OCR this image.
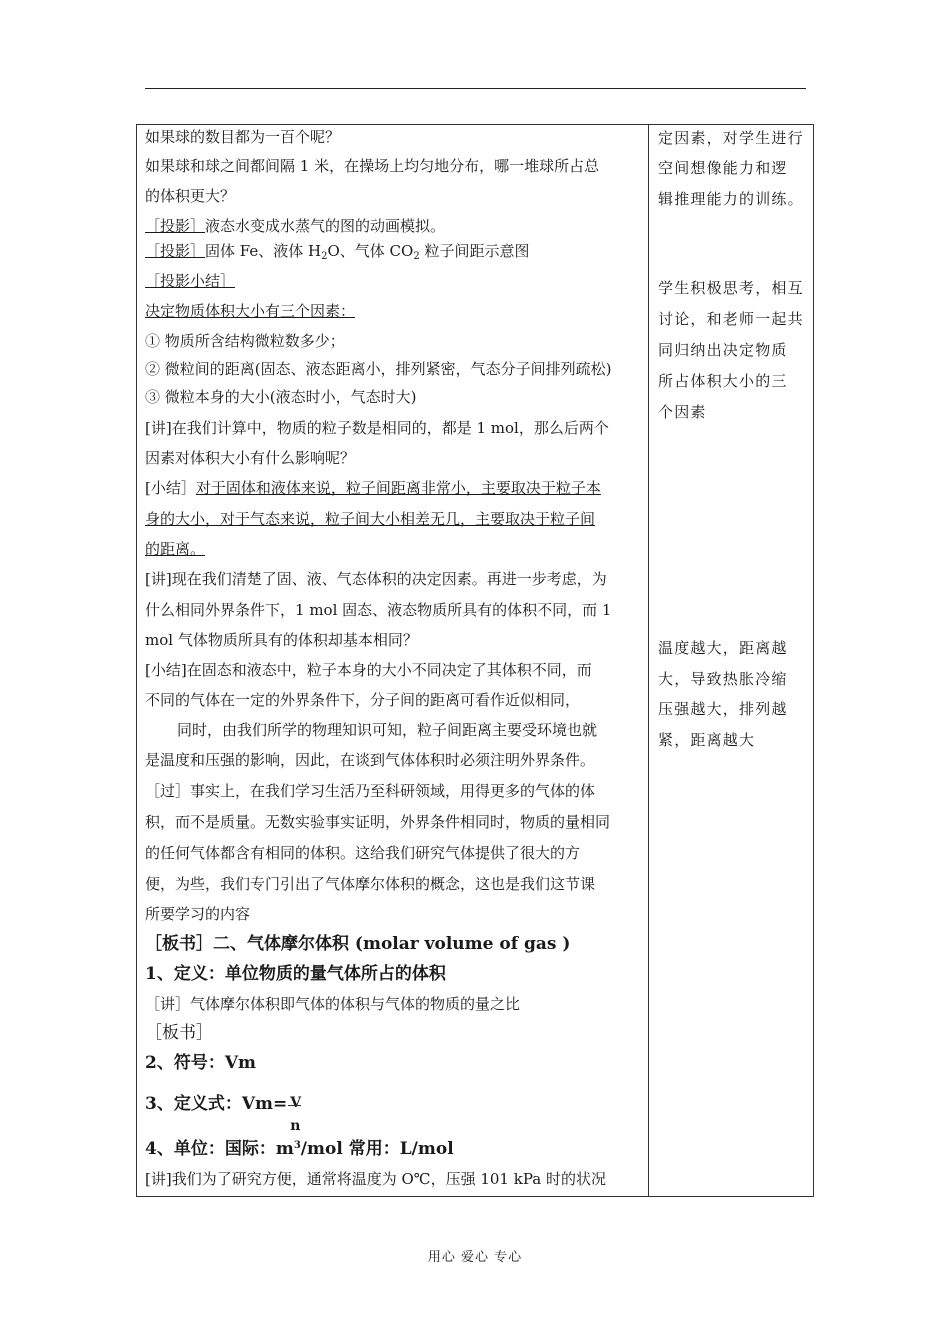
如果球的数目都为一百个呢？
如果球和球之间都间隔 1 米，在操场上均匀地分布，哪一堆球所占总
的体积更大？
［投影］液态水变成水蒸气的图的动画模拟。
［投影］固体 Fe、液体 $H_2O$、气体 $CO_2$ 粒子间距示意图
［投影小结］
决定物质体积大小有三个因素：
① 物质所含结构微粒数多少；
② 微粒间的距离(固态、液态距离小，排列紧密，气态分子间排列疏松)
③ 微粒本身的大小(液态时小，气态时大)
[讲]在我们计算中，物质的粒子数是相同的，都是 1 mol，那么后两个
因素对体积大小有什么影响呢？
[小结］对于固体和液体来说，粒子间距离非常小，主要取决于粒子本
身的大小，对于气态来说，粒子间大小相差无几，主要取决于粒子间
的距离。
[讲]现在我们清楚了固、液、气态体积的决定因素。再进一步考虑，为
什么相同外界条件下，1 mol 固态、液态物质所具有的体积不同，而 1
mol 气体物质所具有的体积却基本相同？
[小结]在固态和液态中，粒子本身的大小不同决定了其体积不同，而
不同的气体在一定的外界条件下，分子间的距离可看作近似相同，
同时，由我们所学的物理知识可知，粒子间距离主要受环境也就
是温度和压强的影响，因此，在谈到气体体积时必须注明外界条件。
［过］事实上，在我们学习生活乃至科研领域，用得更多的气体的体
积，而不是质量。无数实验事实证明，外界条件相同时，物质的量相同
的任何气体都含有相同的体积。这给我们研究气体提供了很大的方
便，为些，我们专门引出了气体摩尔体积的概念，这也是我们这节课
所要学习的内容
［板书］二、气体摩尔体积 (molar volume of gas )
1、定义：单位物质的量气体所占的体积
［讲］气体摩尔体积即气体的体积与气体的物质的量之比
［板书］
2、符号：Vm
3、定义式：Vm= V
n
4、单位：国际：$m^3$/mol 常用：L/mol
[讲]我们为了研究方便，通常将温度为 O℃，压强 101 kPa 时的状况
定因素，对学生进行
空间想像能力和逻
辑推理能力的训练。
学生积极思考，相互
讨论，和老师一起共
同归纳出决定物质
所占体积大小的三
个因素
温度越大，距离越
大，导致热胀冷缩
压强越大，排列越
紧，距离越大
用心 爱心 专心
